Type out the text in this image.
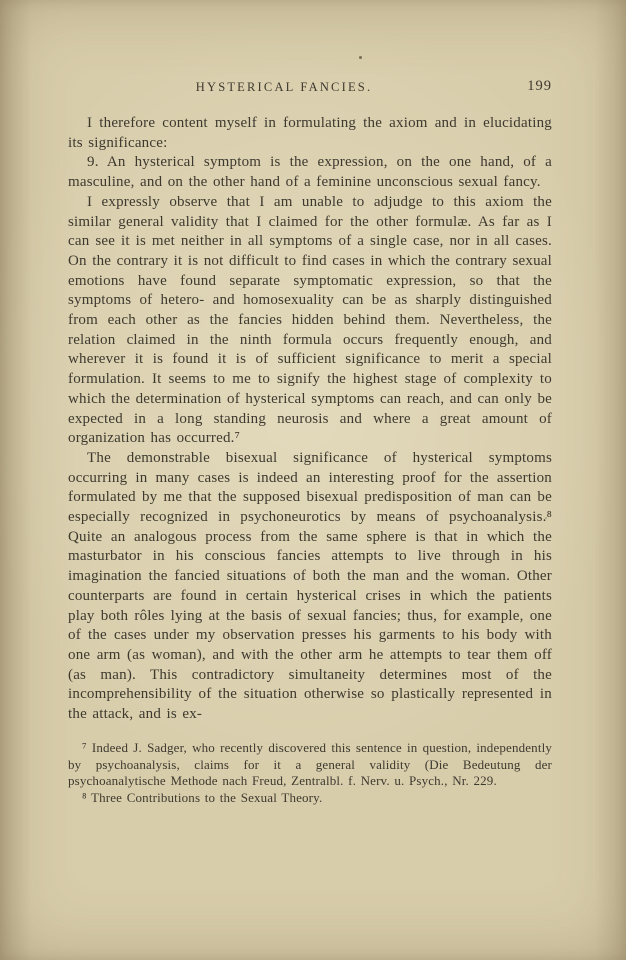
HYSTERICAL FANCIES.	199

I therefore content myself in formulating the axiom and in elucidating its significance:

9. An hysterical symptom is the expression, on the one hand, of a masculine, and on the other hand of a feminine unconscious sexual fancy.

I expressly observe that I am unable to adjudge to this axiom the similar general validity that I claimed for the other formulæ. As far as I can see it is met neither in all symptoms of a single case, nor in all cases. On the contrary it is not difficult to find cases in which the contrary sexual emotions have found separate symptomatic expression, so that the symptoms of hetero- and homosexuality can be as sharply distinguished from each other as the fancies hidden behind them. Nevertheless, the relation claimed in the ninth formula occurs frequently enough, and wherever it is found it is of sufficient significance to merit a special formulation. It seems to me to signify the highest stage of complexity to which the determination of hysterical symptoms can reach, and can only be expected in a long standing neurosis and where a great amount of organization has occurred.⁷

The demonstrable bisexual significance of hysterical symptoms occurring in many cases is indeed an interesting proof for the assertion formulated by me that the supposed bisexual predisposition of man can be especially recognized in psychoneurotics by means of psychoanalysis.⁸ Quite an analogous process from the same sphere is that in which the masturbator in his conscious fancies attempts to live through in his imagination the fancied situations of both the man and the woman. Other counterparts are found in certain hysterical crises in which the patients play both rôles lying at the basis of sexual fancies; thus, for example, one of the cases under my observation presses his garments to his body with one arm (as woman), and with the other arm he attempts to tear them off (as man). This contradictory simultaneity determines most of the incomprehensibility of the situation otherwise so plastically represented in the attack, and is ex-

⁷ Indeed J. Sadger, who recently discovered this sentence in question, independently by psychoanalysis, claims for it a general validity (Die Bedeutung der psychoanalytische Methode nach Freud, Zentralbl. f. Nerv. u. Psych., Nr. 229.

⁸ Three Contributions to the Sexual Theory.
